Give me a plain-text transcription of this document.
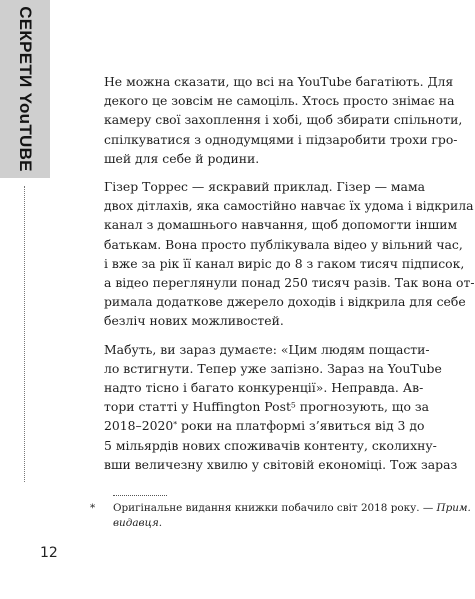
СЕКРЕТИ YouTUBE	Не можна сказати, що всі на YouTube багатіють. Для
декого це зовсім не самоціль. Хтось просто знімає на
камеру свої захоплення і хобі, щоб збирати спільноти,
спілкуватися з однодумцями і підзаробити трохи гро-
шей для себе й родини.

Гізер Торрес — яскравий приклад. Гізер — мама
двох дітлахів, яка самостійно навчає їх удома і відкрила
канал з домашнього навчання, щоб допомогти іншим
батькам. Вона просто публікувала відео у вільний час,
і вже за рік її канал виріс до 8 з гаком тисяч підписок,
а відео переглянули понад 250 тисяч разів. Так вона от-
римала додаткове джерело доходів і відкрила для себе
безліч нових можливостей.

Мабуть, ви зараз думаєте: «Цим людям пощасти-
ло встигнути. Тепер уже запізно. Зараз на YouTube
надто тісно і багато конкуренції». Неправда. Ав-
тори статті у Huffington Post$^5$ прогнозують, що за
2018–2020* роки на платформі з’явиться від 3 до
5 мільярдів нових споживачів контенту, сколихну-
вши величезну хвилю у світовій економіці. Тож зараз

* Оригінальне видання книжки побачило світ 2018 року. — Прим.
видавця.
12
